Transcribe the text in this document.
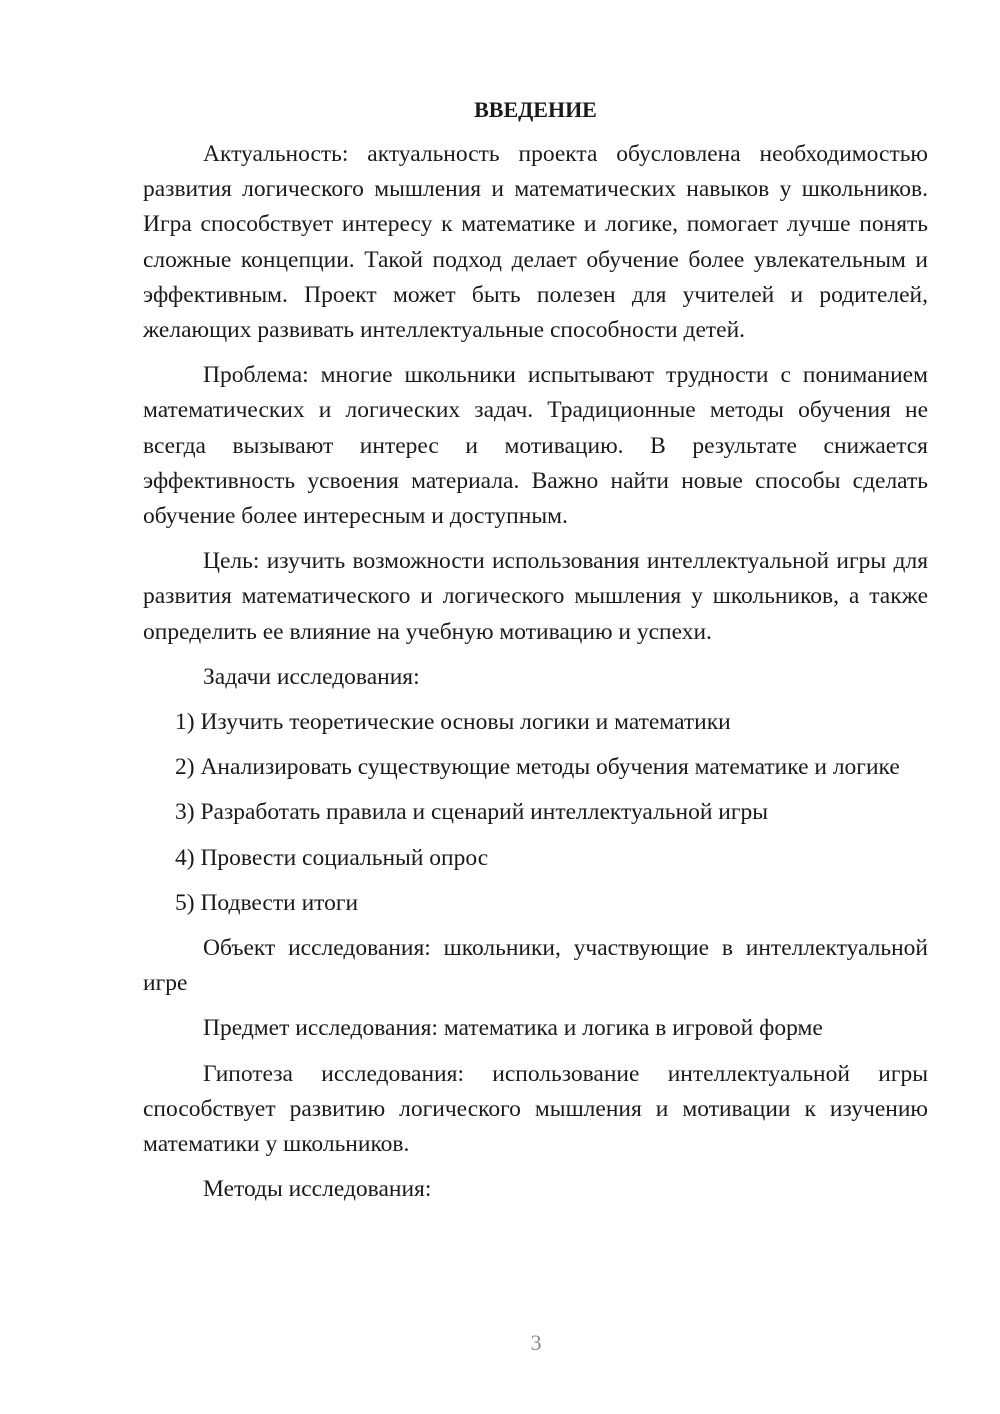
ВВЕДЕНИЕ

Актуальность: актуальность проекта обусловлена необходимостью развития логического мышления и математических навыков у школьников. Игра способствует интересу к математике и логике, помогает лучше понять сложные концепции. Такой подход делает обучение более увлекательным и эффективным. Проект может быть полезен для учителей и родителей, желающих развивать интеллектуальные способности детей.

Проблема: многие школьники испытывают трудности с пониманием математических и логических задач. Традиционные методы обучения не всегда вызывают интерес и мотивацию. В результате снижается эффективность усвоения материала. Важно найти новые способы сделать обучение более интересным и доступным.

Цель: изучить возможности использования интеллектуальной игры для развития математического и логического мышления у школьников, а также определить ее влияние на учебную мотивацию и успехи.

Задачи исследования:

1) Изучить теоретические основы логики и математики

2) Анализировать существующие методы обучения математике и логике

3) Разработать правила и сценарий интеллектуальной игры

4) Провести социальный опрос

5) Подвести итоги

Объект исследования: школьники, участвующие в интеллектуальной игре

Предмет исследования: математика и логика в игровой форме

Гипотеза исследования: использование интеллектуальной игры способствует развитию логического мышления и мотивации к изучению математики у школьников.

Методы исследования:

3
